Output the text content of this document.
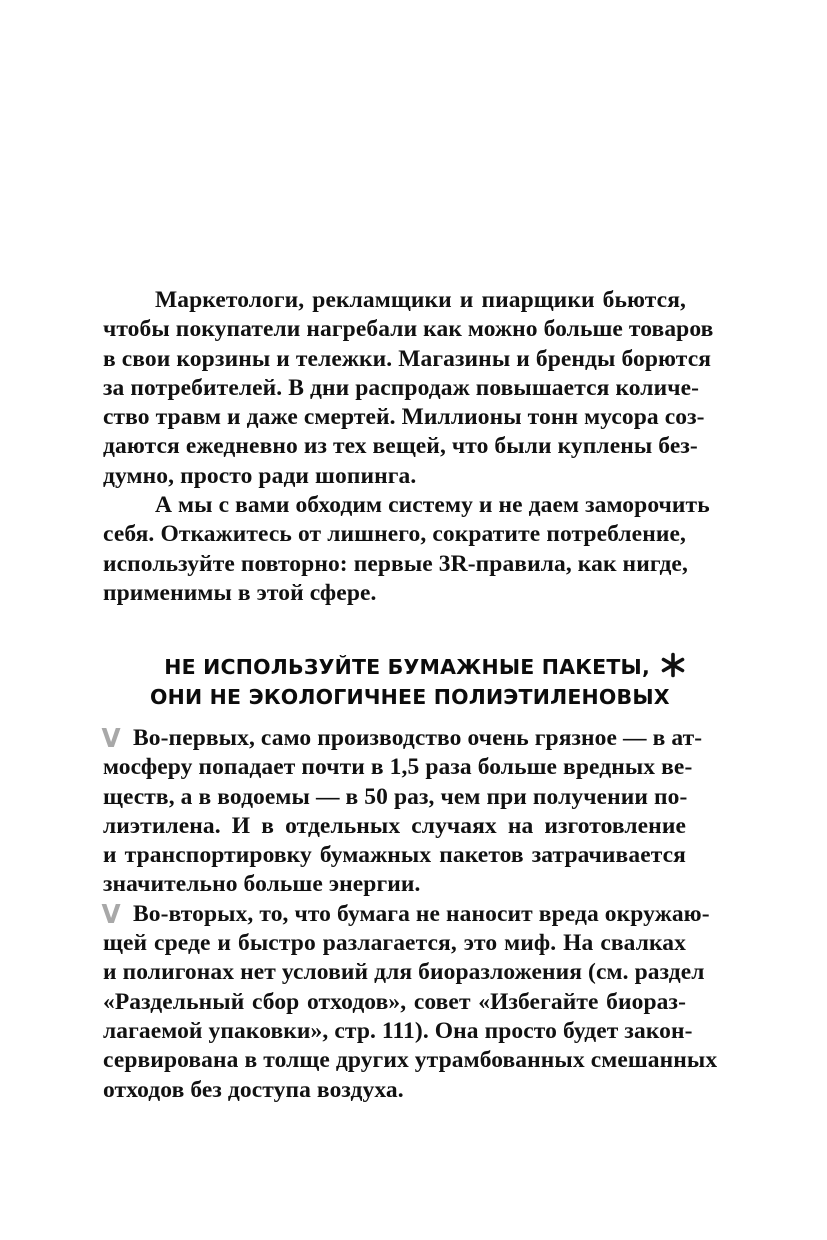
Маркетологи, рекламщики и пиарщики бьются,
чтобы покупатели нагребали как можно больше товаров
в свои корзины и тележки. Магазины и бренды борются
за потребителей. В дни распродаж повышается количе-
ство травм и даже смертей. Миллионы тонн мусора соз-
даются ежедневно из тех вещей, что были куплены без-
думно, просто ради шопинга.
А мы с вами обходим систему и не даем заморочить
себя. Откажитесь от лишнего, сократите потребление,
используйте повторно: первые 3R-правила, как нигде,
применимы в этой сфере.
НЕ ИСПОЛЬЗУЙТЕ БУМАЖНЫЕ ПАКЕТЫ,
ОНИ НЕ ЭКОЛОГИЧНЕЕ ПОЛИЭТИЛЕНОВЫХ
V Во-первых, само производство очень грязное — в ат-
мосферу попадает почти в 1,5 раза больше вредных ве-
ществ, а в водоемы — в 50 раз, чем при получении по-
лиэтилена. И в отдельных случаях на изготовление
и транспортировку бумажных пакетов затрачивается
значительно больше энергии.
V Во-вторых, то, что бумага не наносит вреда окружаю-
щей среде и быстро разлагается, это миф. На свалках
и полигонах нет условий для биоразложения (см. раздел
«Раздельный сбор отходов», совет «Избегайте биораз-
лагаемой упаковки», стр. 111). Она просто будет закон-
сервирована в толще других утрамбованных смешанных
отходов без доступа воздуха.
